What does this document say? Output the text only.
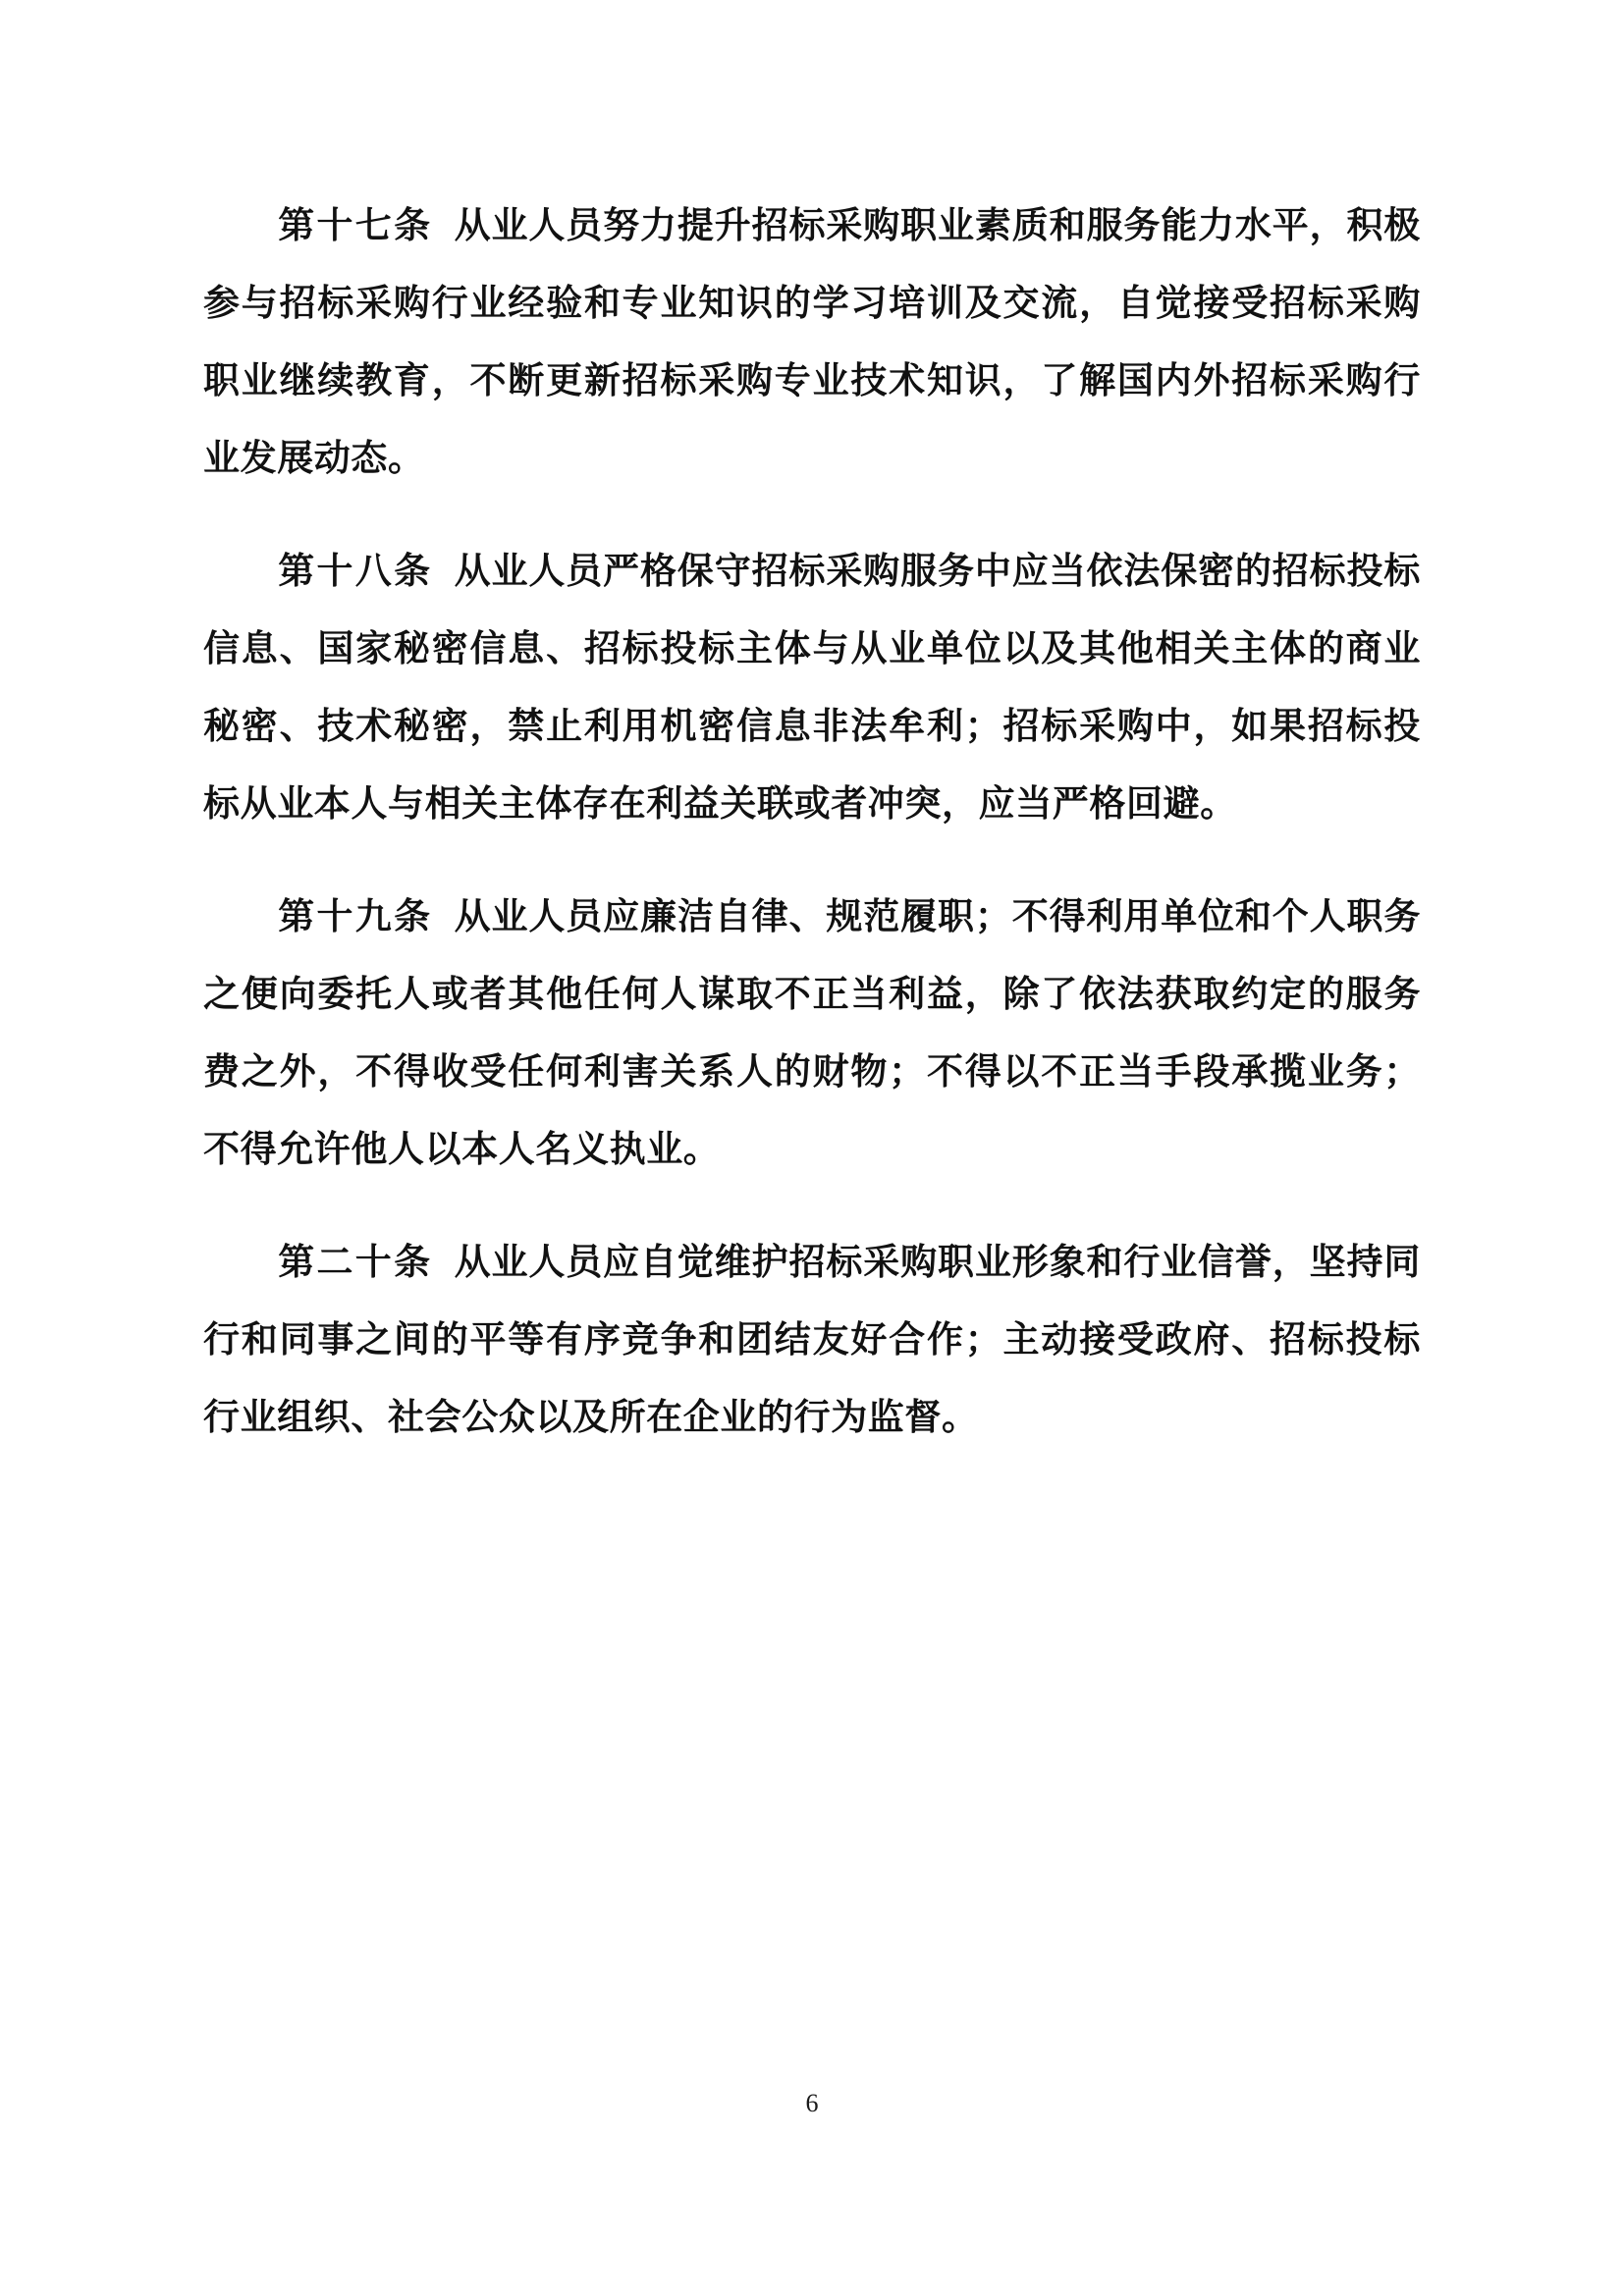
第十七条 从业人员努力提升招标采购职业素质和服务能力水平，积极参与招标采购行业经验和专业知识的学习培训及交流，自觉接受招标采购职业继续教育，不断更新招标采购专业技术知识，了解国内外招标采购行业发展动态。

第十八条 从业人员严格保守招标采购服务中应当依法保密的招标投标信息、国家秘密信息、招标投标主体与从业单位以及其他相关主体的商业秘密、技术秘密，禁止利用机密信息非法牟利；招标采购中，如果招标投标从业本人与相关主体存在利益关联或者冲突，应当严格回避。

第十九条 从业人员应廉洁自律、规范履职；不得利用单位和个人职务之便向委托人或者其他任何人谋取不正当利益，除了依法获取约定的服务费之外，不得收受任何利害关系人的财物；不得以不正当手段承揽业务；不得允许他人以本人名义执业。

第二十条 从业人员应自觉维护招标采购职业形象和行业信誉，坚持同行和同事之间的平等有序竞争和团结友好合作；主动接受政府、招标投标行业组织、社会公众以及所在企业的行为监督。

6
